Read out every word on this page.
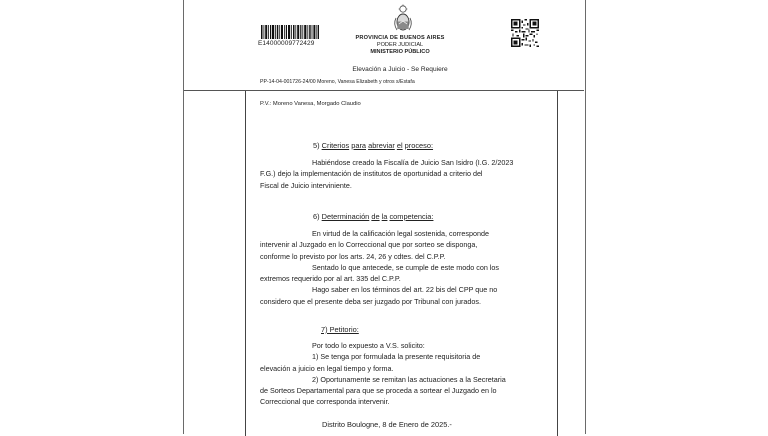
E14000009772429
PROVINCIA DE BUENOS AIRES
PODER JUDICIAL
MINISTERIO PÚBLICO
Elevación a Juicio - Se Requiere
PP-14-04-001726-24/00 Moreno, Vanesa Elizabeth y otros s/Estafa
P.V.: Moreno Vanesa, Morgado Claudio
5) Criterios para abreviar el proceso:

Habiéndose creado la Fiscalía de Juicio San Isidro (I.G. 2/2023

F.G.) dejo la implementación de institutos de oportunidad a criterio del

Fiscal de Juicio interviniente.

6) Determinación de la competencia:

En virtud de la calificación legal sostenida, corresponde

intervenir al Juzgado en lo Correccional que por sorteo se disponga,

conforme lo previsto por los arts. 24, 26 y cdtes. del C.P.P.

Sentado lo que antecede, se cumple de este modo con los

extremos requerido por al art. 335 del C.P.P.

Hago saber en los términos del art. 22 bis del CPP que no

considero que el presente deba ser juzgado por Tribunal con jurados.

7) Petitorio:

Por todo lo expuesto a V.S. solicito:

1) Se tenga por formulada la presente requisitoria de

elevación a juicio en legal tiempo y forma.

2) Oportunamente se remitan las actuaciones a la Secretaria

de Sorteos Departamental para que se proceda a sortear el Juzgado en lo

Correccional que corresponda intervenir.

Distrito Boulogne, 8 de Enero de 2025.-
